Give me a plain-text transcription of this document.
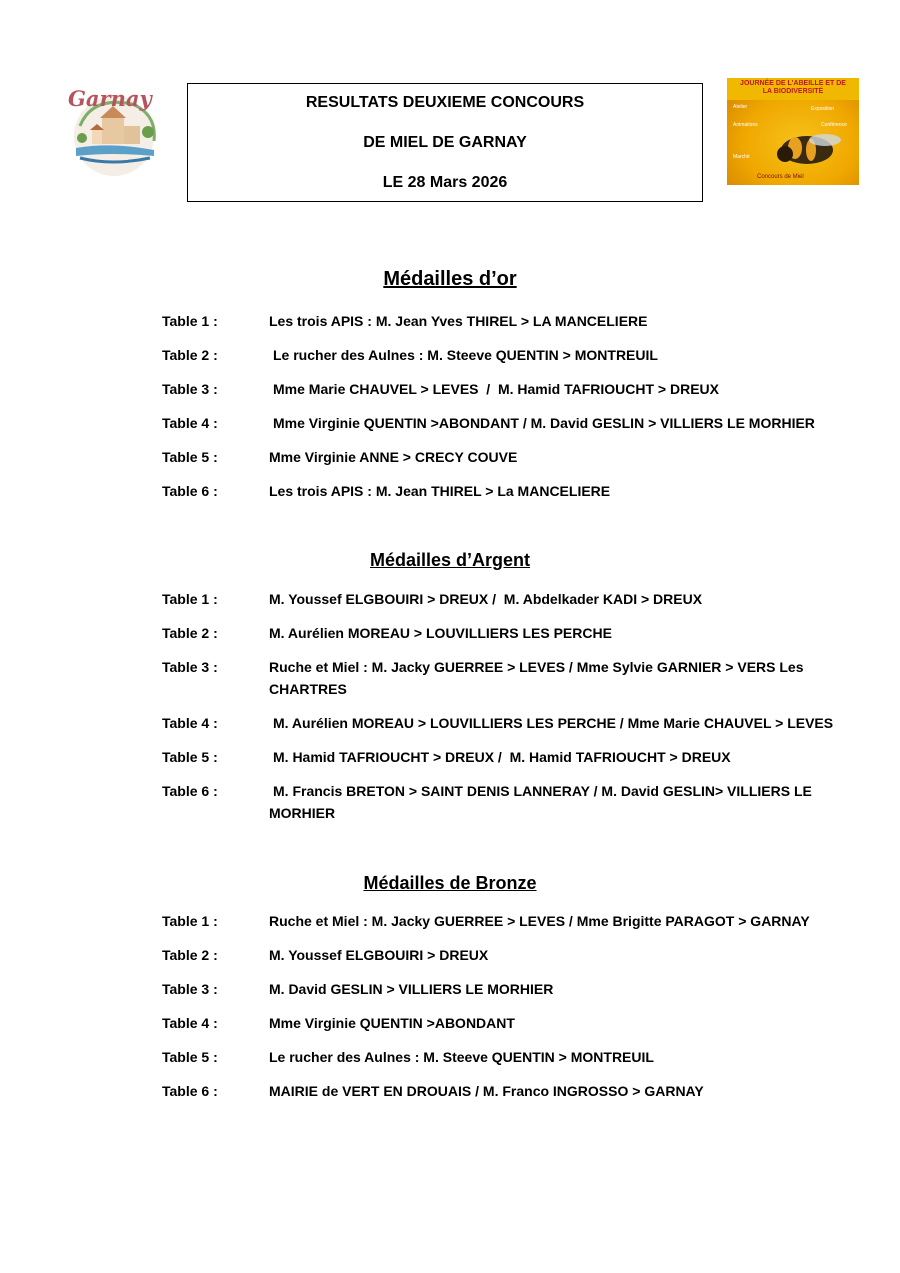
Garnay	RESULTATS DEUXIEME CONCOURS
DE MIEL DE GARNAY
LE 28 Mars 2026	Concours de Miel
Atelier	Exposition
Animations	Conférence
Marché
JOURNÉE DE L'ABEILLE ET DE LA BIODIVERSITÉ
Médailles d’or
Table 1 :	Les trois APIS : M. Jean Yves THIREL > LA MANCELIERE
Table 2 :	Le rucher des Aulnes : M. Steeve QUENTIN > MONTREUIL
Table 3 :	Mme Marie CHAUVEL > LEVES  /  M. Hamid TAFRIOUCHT > DREUX
Table 4 :	Mme Virginie QUENTIN >ABONDANT / M. David GESLIN > VILLIERS LE MORHIER
Table 5 :	Mme Virginie ANNE > CRECY COUVE
Table 6 :	Les trois APIS : M. Jean THIREL > La MANCELIERE
Médailles d’Argent
Table 1 :	M. Youssef ELGBOUIRI > DREUX /  M. Abdelkader KADI > DREUX
Table 2 :	M. Aurélien MOREAU > LOUVILLIERS LES PERCHE
Table 3 :	Ruche et Miel : M. Jacky GUERREE > LEVES / Mme Sylvie GARNIER > VERS Les CHARTRES
Table 4 :	M. Aurélien MOREAU > LOUVILLIERS LES PERCHE / Mme Marie CHAUVEL > LEVES
Table 5 :	M. Hamid TAFRIOUCHT > DREUX /  M. Hamid TAFRIOUCHT > DREUX
Table 6 :	M. Francis BRETON > SAINT DENIS LANNERAY / M. David GESLIN> VILLIERS LE MORHIER
Médailles de Bronze
Table 1 :	Ruche et Miel : M. Jacky GUERREE > LEVES / Mme Brigitte PARAGOT > GARNAY
Table 2 :	M. Youssef ELGBOUIRI > DREUX
Table 3 :	M. David GESLIN > VILLIERS LE MORHIER
Table 4 :	Mme Virginie QUENTIN >ABONDANT
Table 5 :	Le rucher des Aulnes : M. Steeve QUENTIN > MONTREUIL
Table 6 :	MAIRIE de VERT EN DROUAIS / M. Franco INGROSSO > GARNAY
